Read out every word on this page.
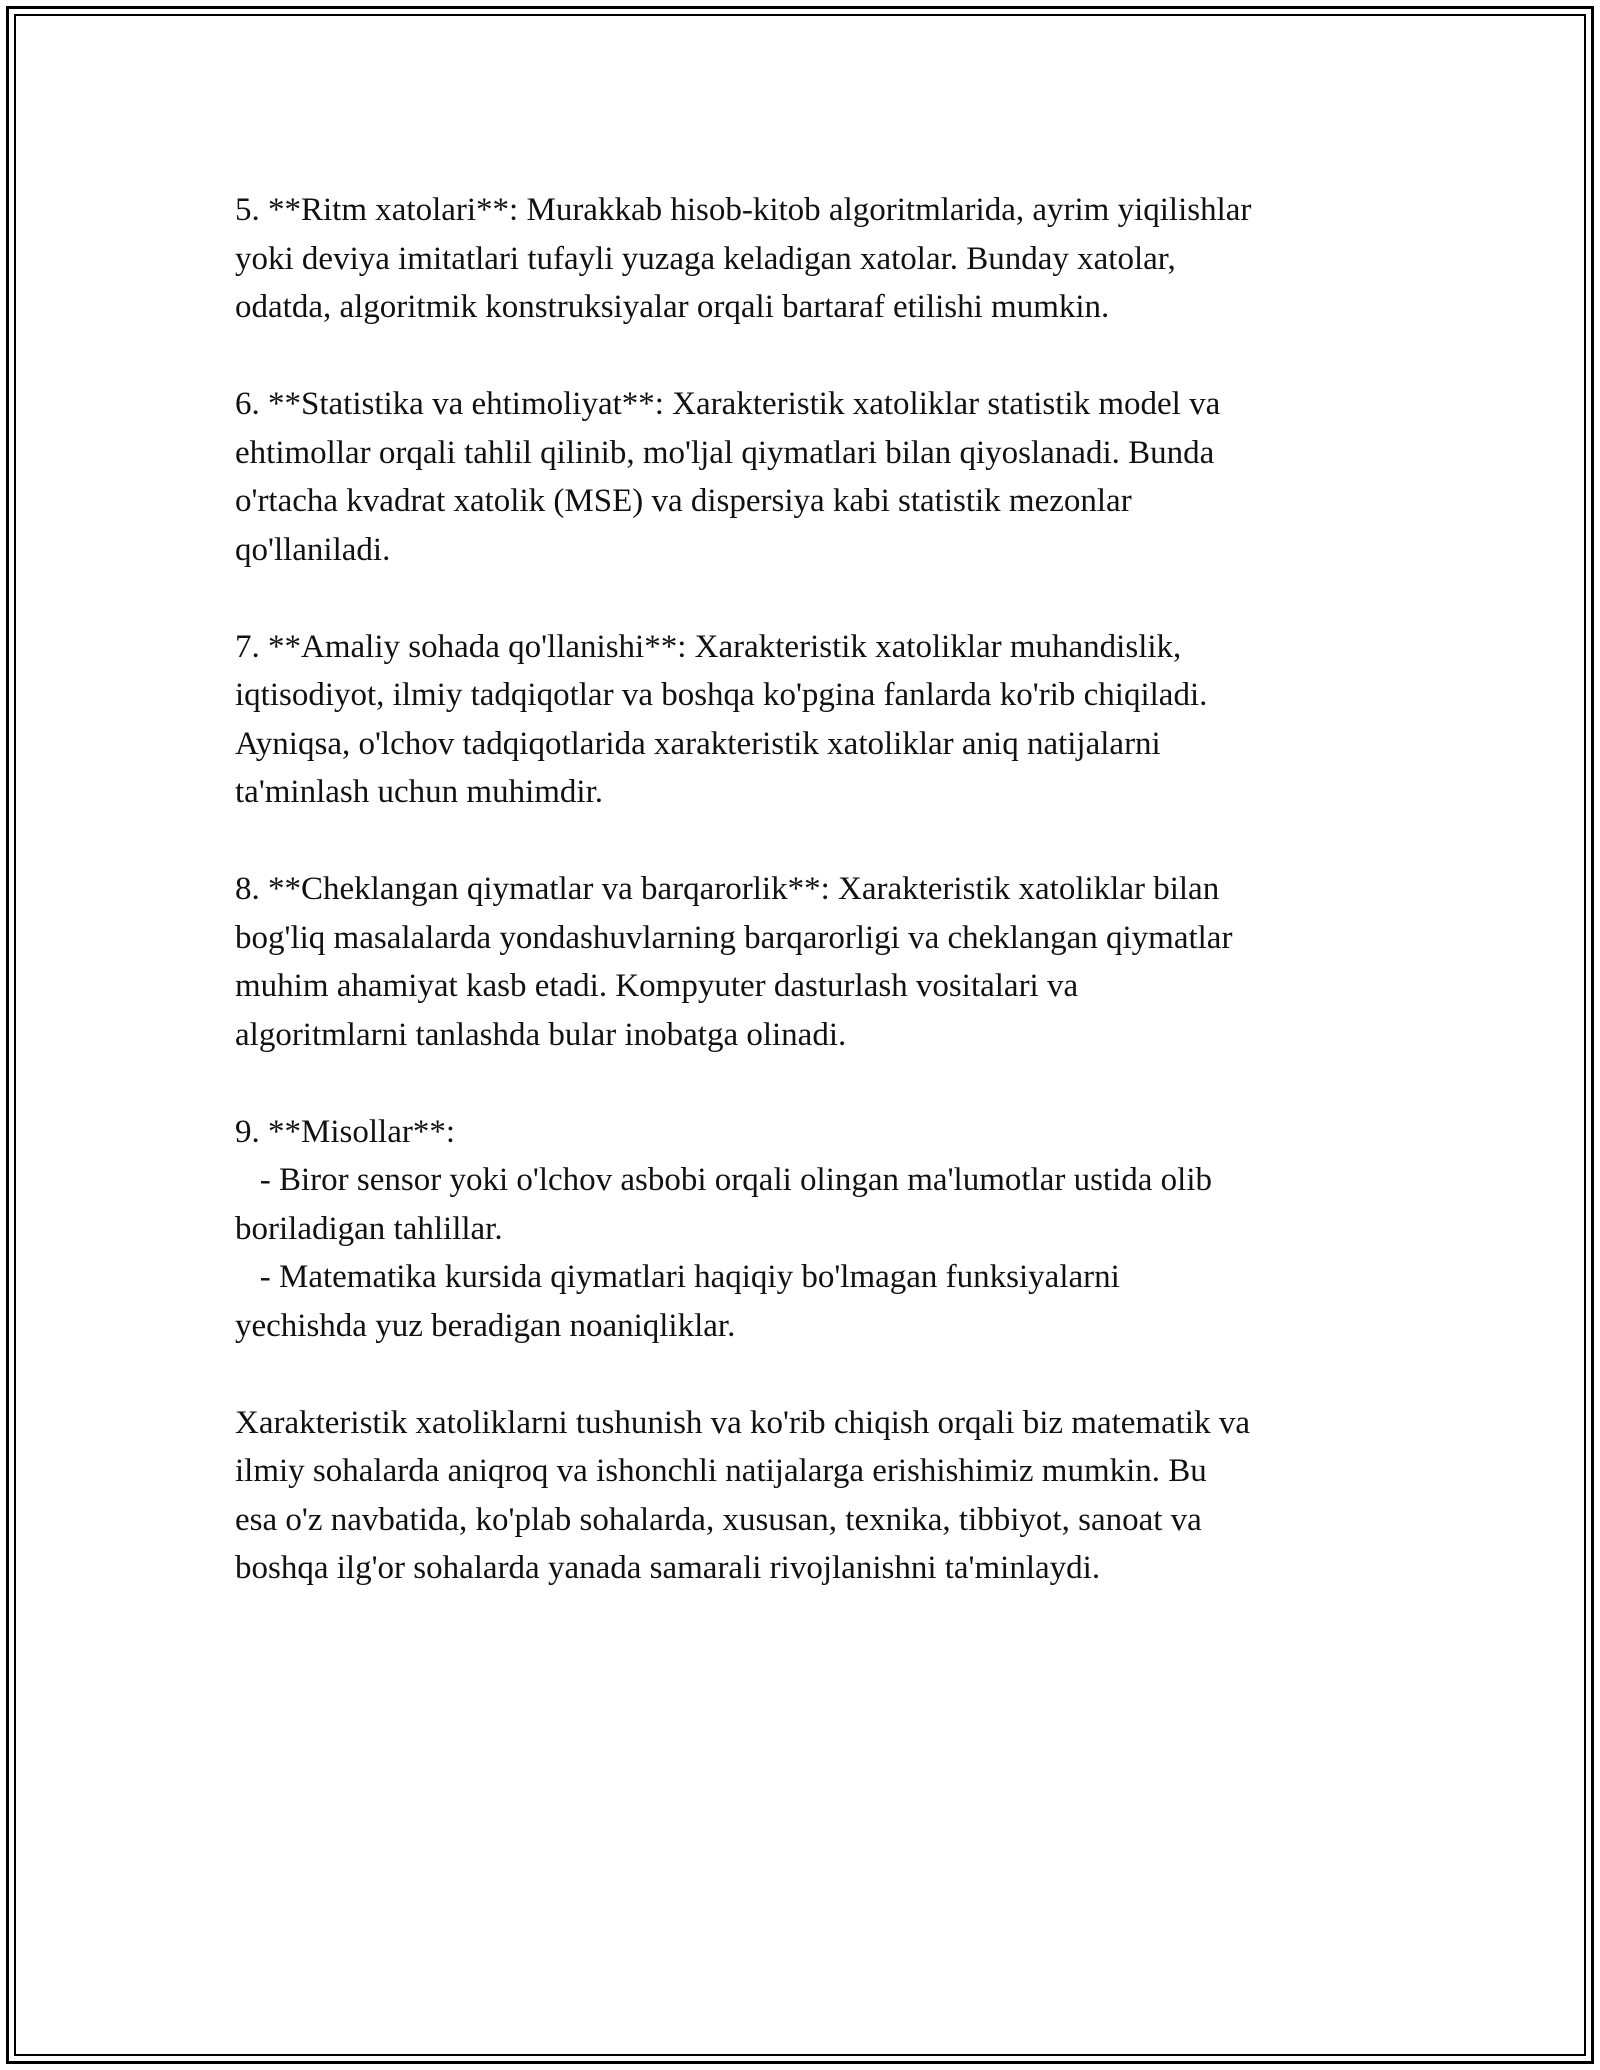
5. **Ritm xatolari**: Murakkab hisob-kitob algoritmlarida, ayrim yiqilishlar
yoki deviya imitatlari tufayli yuzaga keladigan xatolar. Bunday xatolar,
odatda, algoritmik konstruksiyalar orqali bartaraf etilishi mumkin.

6. **Statistika va ehtimoliyat**: Xarakteristik xatoliklar statistik model va
ehtimollar orqali tahlil qilinib, mo'ljal qiymatlari bilan qiyoslanadi. Bunda
o'rtacha kvadrat xatolik (MSE) va dispersiya kabi statistik mezonlar
qo'llaniladi.

7. **Amaliy sohada qo'llanishi**: Xarakteristik xatoliklar muhandislik,
iqtisodiyot, ilmiy tadqiqotlar va boshqa ko'pgina fanlarda ko'rib chiqiladi.
Ayniqsa, o'lchov tadqiqotlarida xarakteristik xatoliklar aniq natijalarni
ta'minlash uchun muhimdir.

8. **Cheklangan qiymatlar va barqarorlik**: Xarakteristik xatoliklar bilan
bog'liq masalalarda yondashuvlarning barqarorligi va cheklangan qiymatlar
muhim ahamiyat kasb etadi. Kompyuter dasturlash vositalari va
algoritmlarni tanlashda bular inobatga olinadi.

9. **Misollar**:
- Biror sensor yoki o'lchov asbobi orqali olingan ma'lumotlar ustida olib
boriladigan tahlillar.
- Matematika kursida qiymatlari haqiqiy bo'lmagan funksiyalarni
yechishda yuz beradigan noaniqliklar.

Xarakteristik xatoliklarni tushunish va ko'rib chiqish orqali biz matematik va
ilmiy sohalarda aniqroq va ishonchli natijalarga erishishimiz mumkin. Bu
esa o'z navbatida, ko'plab sohalarda, xususan, texnika, tibbiyot, sanoat va
boshqa ilg'or sohalarda yanada samarali rivojlanishni ta'minlaydi.
